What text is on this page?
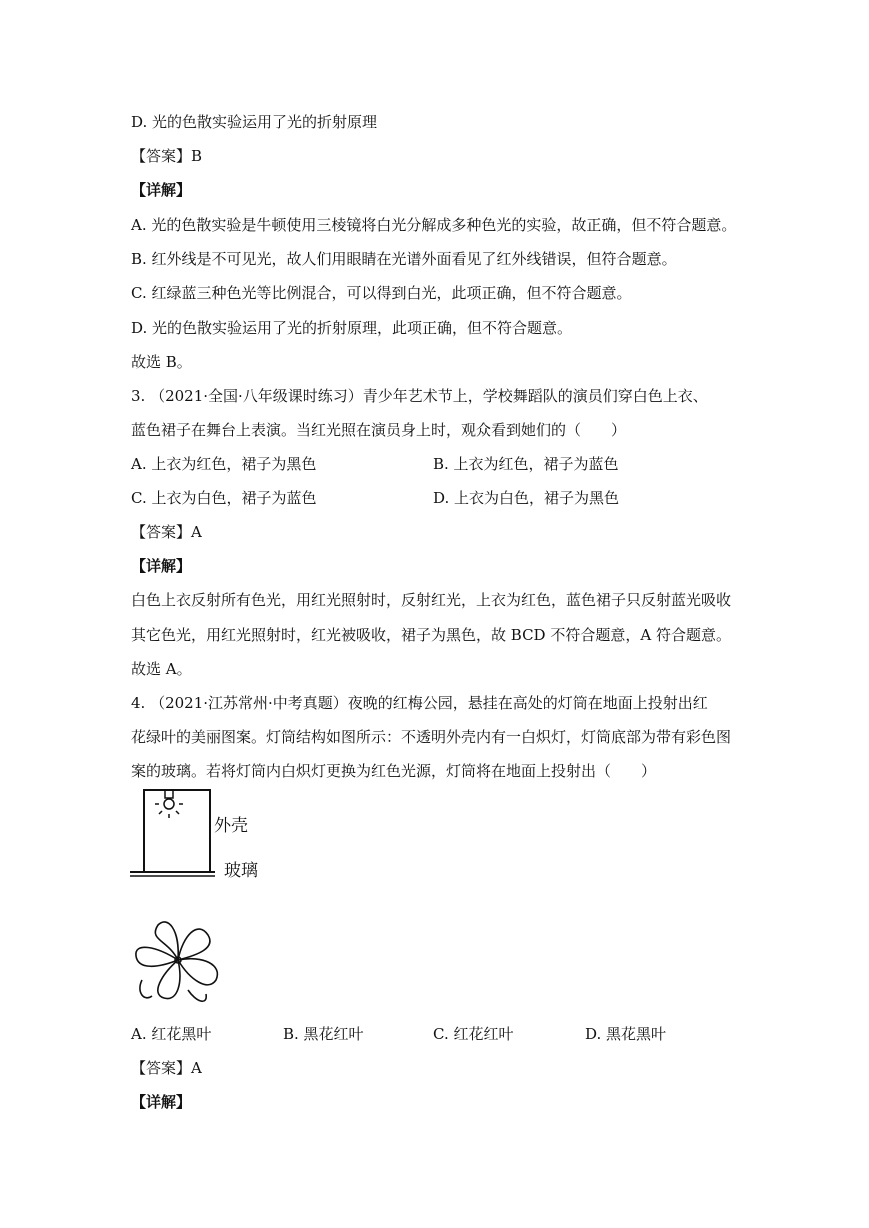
D. 光的色散实验运用了光的折射原理
【答案】B
【详解】
A. 光的色散实验是牛顿使用三棱镜将白光分解成多种色光的实验，故正确，但不符合题意。
B. 红外线是不可见光，故人们用眼睛在光谱外面看见了红外线错误，但符合题意。
C. 红绿蓝三种色光等比例混合，可以得到白光，此项正确，但不符合题意。
D. 光的色散实验运用了光的折射原理，此项正确，但不符合题意。
故选 B。
3. （2021·全国·八年级课时练习）青少年艺术节上，学校舞蹈队的演员们穿白色上衣、
蓝色裙子在舞台上表演。当红光照在演员身上时，观众看到她们的（　　）
A. 上衣为红色，裙子为黑色	B. 上衣为红色，裙子为蓝色
C. 上衣为白色，裙子为蓝色	D. 上衣为白色，裙子为黑色
【答案】A
【详解】
白色上衣反射所有色光，用红光照射时，反射红光，上衣为红色，蓝色裙子只反射蓝光吸收
其它色光，用红光照射时，红光被吸收，裙子为黑色，故 BCD 不符合题意，A 符合题意。
故选 A。
4. （2021·江苏常州·中考真题）夜晚的红梅公园，悬挂在高处的灯筒在地面上投射出红
花绿叶的美丽图案。灯筒结构如图所示：不透明外壳内有一白炽灯，灯筒底部为带有彩色图
案的玻璃。若将灯筒内白炽灯更换为红色光源，灯筒将在地面上投射出（　　）
外壳
玻璃
A. 红花黑叶	B. 黑花红叶	C. 红花红叶	D. 黑花黑叶
【答案】A
【详解】
